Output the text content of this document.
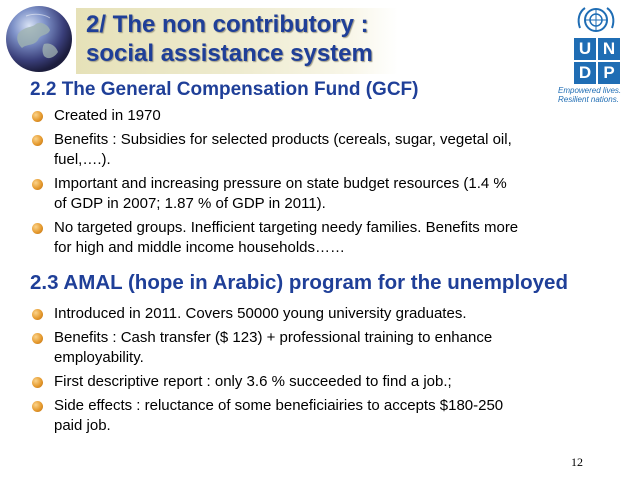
2/ The non contributory :
social assistance system	U N
D P
Empowered lives.
Resilient nations.
2.2 The General Compensation Fund (GCF)
Created in 1970
Benefits : Subsidies for selected products (cereals, sugar, vegetal oil,
fuel,….).
Important and increasing pressure on state budget resources (1.4 %
of GDP in 2007; 1.87 % of GDP in 2011).
No targeted groups. Inefficient targeting needy families. Benefits more
for high and middle income households……
2.3 AMAL (hope in Arabic) program for the unemployed
Introduced in 2011. Covers 50000 young university graduates.
Benefits : Cash transfer ($ 123) + professional training to enhance
employability.
First descriptive report : only 3.6 % succeeded to find a job.;
Side effects : reluctance of some beneficiairies to accepts $180-250
paid job.
12
